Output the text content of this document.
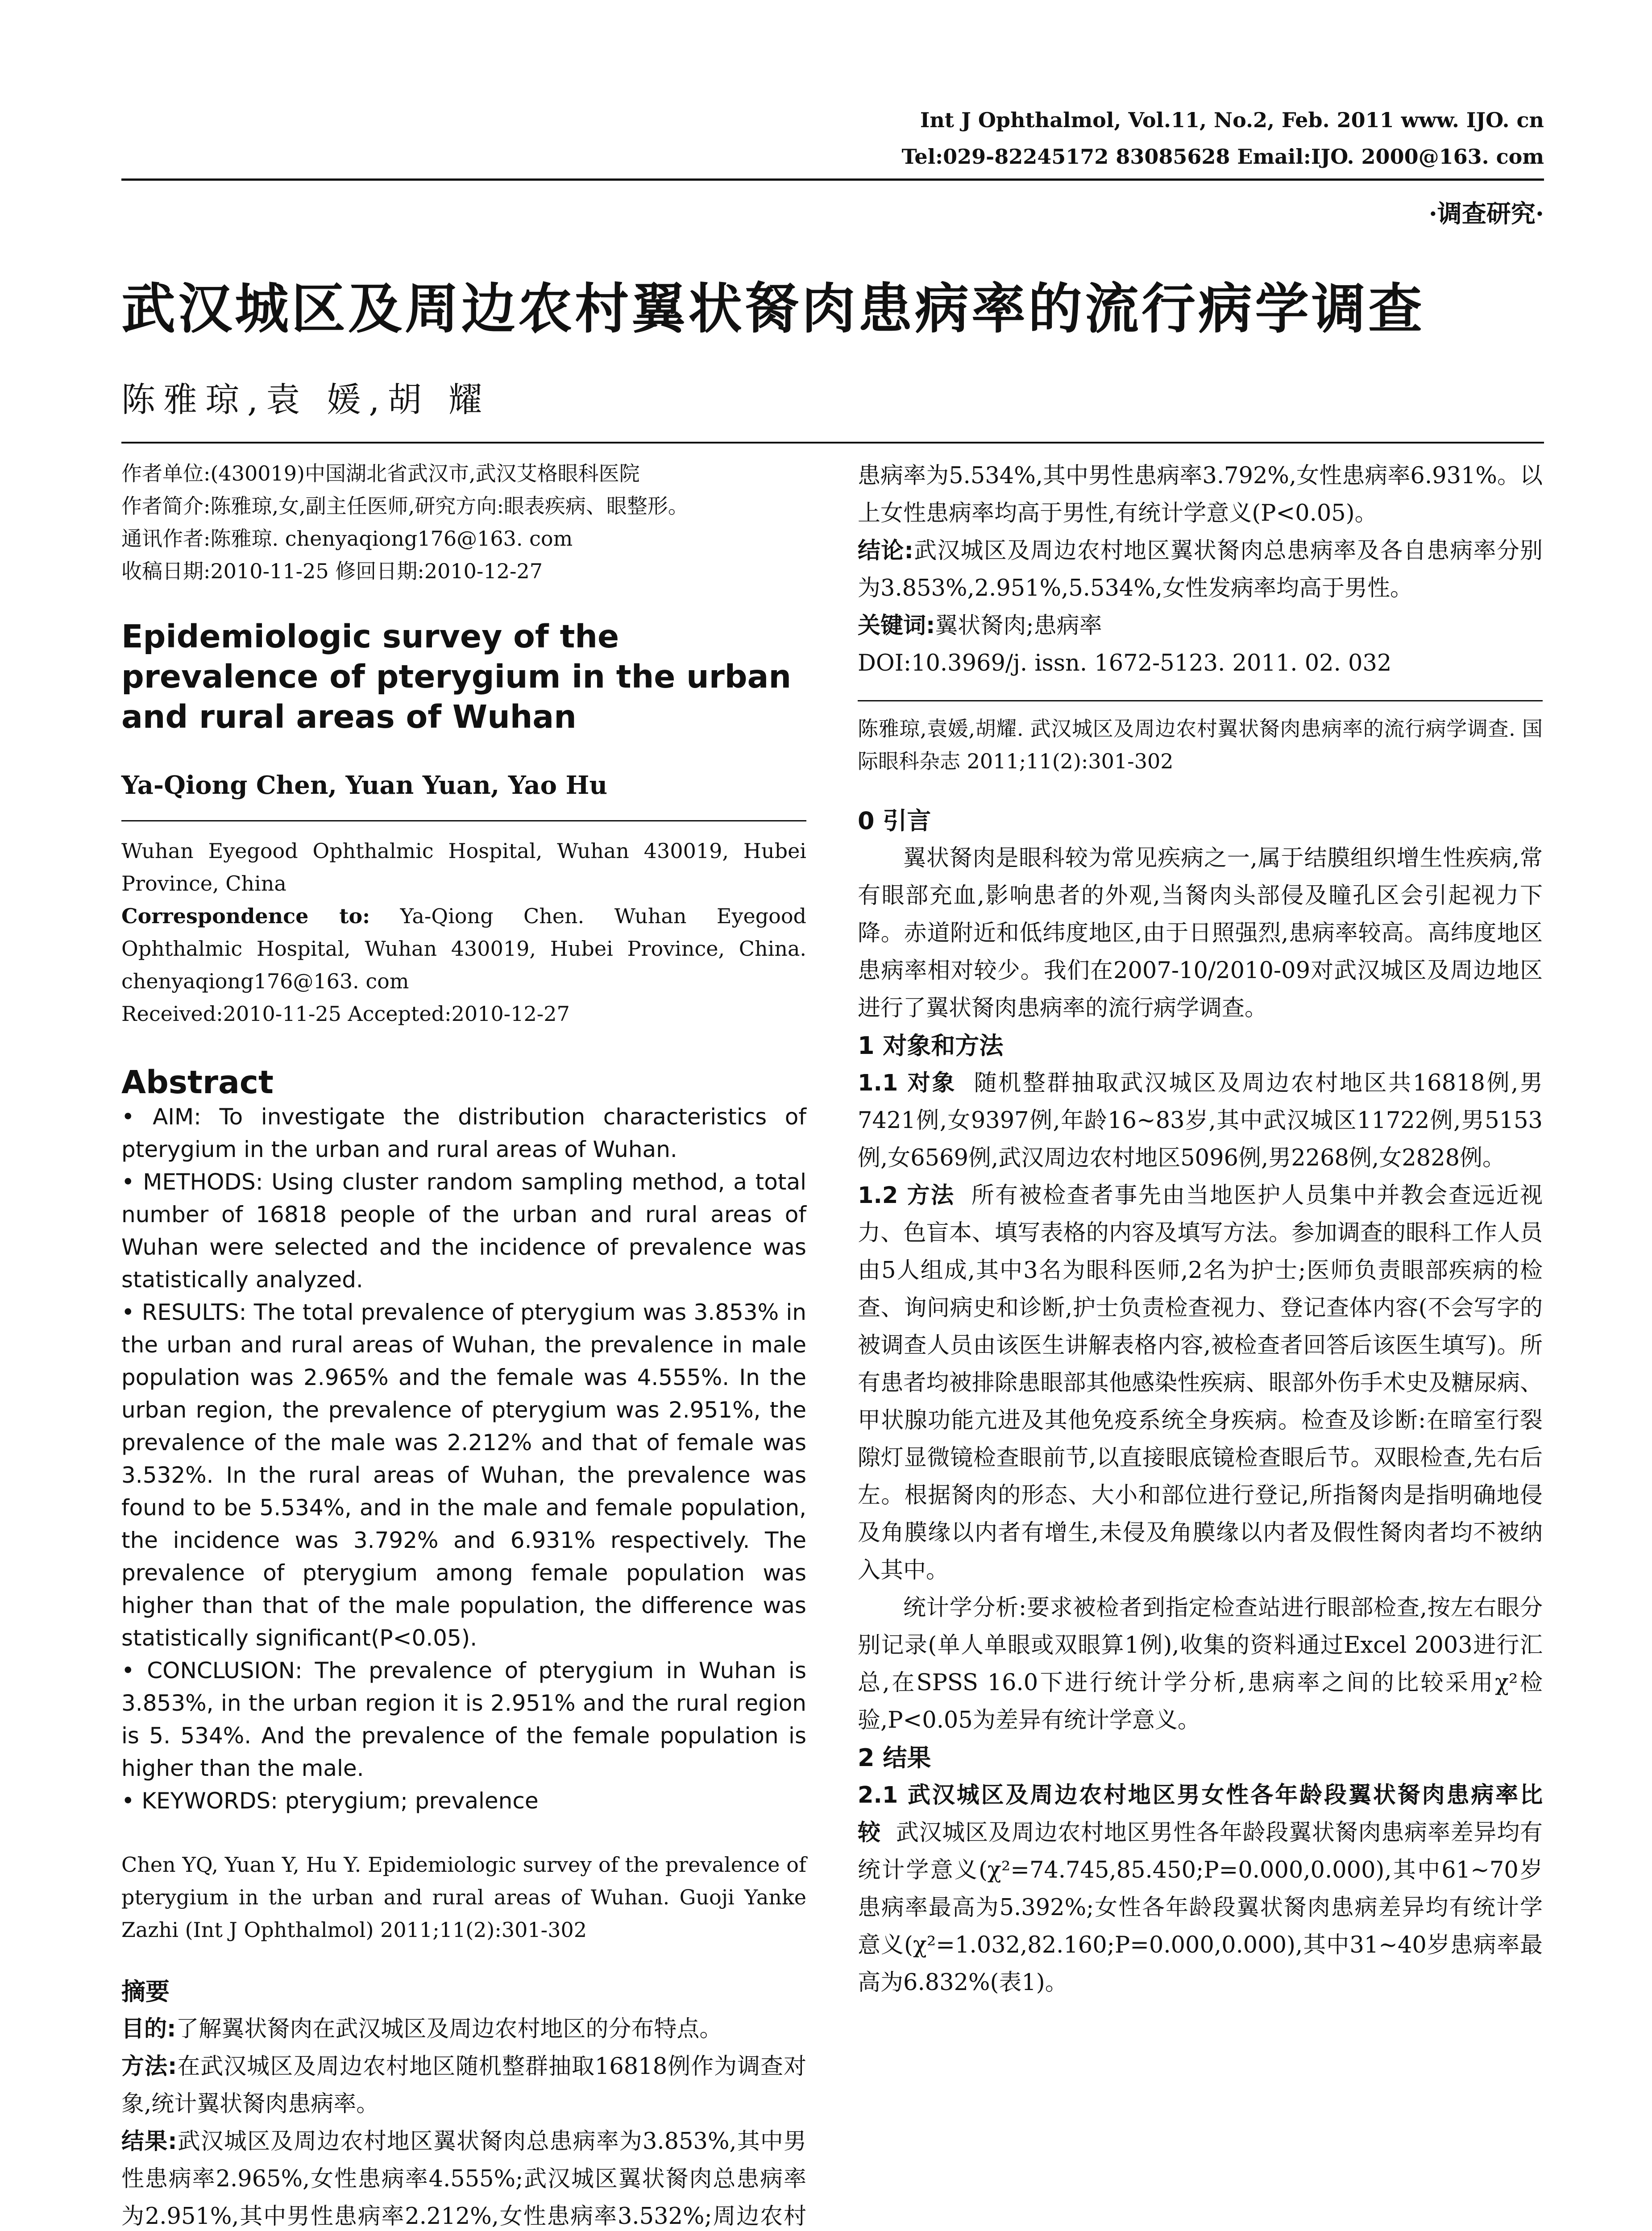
Int J Ophthalmol, Vol.11, No.2, Feb. 2011 www. IJO. cn
Tel:029-82245172 83085628 Email:IJO. 2000@163. com
·调查研究·
武汉城区及周边农村翼状胬肉患病率的流行病学调查
陈雅琼,袁 媛,胡 耀

作者单位:(430019)中国湖北省武汉市,武汉艾格眼科医院

作者简介:陈雅琼,女,副主任医师,研究方向:眼表疾病、眼整形。

通讯作者:陈雅琼. chenyaqiong176@163. com

收稿日期:2010-11-25 修回日期:2010-12-27

Epidemiologic survey of the prevalence of pterygium in the urban and rural areas of Wuhan
Ya-Qiong Chen, Yuan Yuan, Yao Hu

Wuhan Eyegood Ophthalmic Hospital, Wuhan 430019, Hubei Province, China

Correspondence to: Ya-Qiong Chen. Wuhan Eyegood Ophthalmic Hospital, Wuhan 430019, Hubei Province, China. chenyaqiong176@163. com

Received:2010-11-25 Accepted:2010-12-27

Abstract

• AIM: To investigate the distribution characteristics of pterygium in the urban and rural areas of Wuhan.

• METHODS: Using cluster random sampling method, a total number of 16818 people of the urban and rural areas of Wuhan were selected and the incidence of prevalence was statistically analyzed.

• RESULTS: The total prevalence of pterygium was 3.853% in the urban and rural areas of Wuhan, the prevalence in male population was 2.965% and the female was 4.555%. In the urban region, the prevalence of pterygium was 2.951%, the prevalence of the male was 2.212% and that of female was 3.532%. In the rural areas of Wuhan, the prevalence was found to be 5.534%, and in the male and female population, the incidence was 3.792% and 6.931% respectively. The prevalence of pterygium among female population was higher than that of the male population, the difference was statistically significant(P<0.05).

• CONCLUSION: The prevalence of pterygium in Wuhan is 3.853%, in the urban region it is 2.951% and the rural region is 5. 534%. And the prevalence of the female population is higher than the male.

• KEYWORDS: pterygium; prevalence

Chen YQ, Yuan Y, Hu Y. Epidemiologic survey of the prevalence of pterygium in the urban and rural areas of Wuhan. Guoji Yanke Zazhi (Int J Ophthalmol) 2011;11(2):301-302

摘要

目的:了解翼状胬肉在武汉城区及周边农村地区的分布特点。

方法:在武汉城区及周边农村地区随机整群抽取16818例作为调查对象,统计翼状胬肉患病率。

结果:武汉城区及周边农村地区翼状胬肉总患病率为3.853%,其中男性患病率2.965%,女性患病率4.555%;武汉城区翼状胬肉总患病率为2.951%,其中男性患病率2.212%,女性患病率3.532%;周边农村

患病率为5.534%,其中男性患病率3.792%,女性患病率6.931%。以上女性患病率均高于男性,有统计学意义(P<0.05)。

结论:武汉城区及周边农村地区翼状胬肉总患病率及各自患病率分别为3.853%,2.951%,5.534%,女性发病率均高于男性。

关键词:翼状胬肉;患病率

DOI:10.3969/j. issn. 1672-5123. 2011. 02. 032

陈雅琼,袁媛,胡耀. 武汉城区及周边农村翼状胬肉患病率的流行病学调查. 国际眼科杂志 2011;11(2):301-302

0 引言

翼状胬肉是眼科较为常见疾病之一,属于结膜组织增生性疾病,常有眼部充血,影响患者的外观,当胬肉头部侵及瞳孔区会引起视力下降。赤道附近和低纬度地区,由于日照强烈,患病率较高。高纬度地区患病率相对较少。我们在2007-10/2010-09对武汉城区及周边地区进行了翼状胬肉患病率的流行病学调查。

1 对象和方法

1.1 对象 随机整群抽取武汉城区及周边农村地区共16818例,男7421例,女9397例,年龄16~83岁,其中武汉城区11722例,男5153例,女6569例,武汉周边农村地区5096例,男2268例,女2828例。

1.2 方法 所有被检查者事先由当地医护人员集中并教会查远近视力、色盲本、填写表格的内容及填写方法。参加调查的眼科工作人员由5人组成,其中3名为眼科医师,2名为护士;医师负责眼部疾病的检查、询问病史和诊断,护士负责检查视力、登记查体内容(不会写字的被调查人员由该医生讲解表格内容,被检查者回答后该医生填写)。所有患者均被排除患眼部其他感染性疾病、眼部外伤手术史及糖尿病、甲状腺功能亢进及其他免疫系统全身疾病。检查及诊断:在暗室行裂隙灯显微镜检查眼前节,以直接眼底镜检查眼后节。双眼检查,先右后左。根据胬肉的形态、大小和部位进行登记,所指胬肉是指明确地侵及角膜缘以内者有增生,未侵及角膜缘以内者及假性胬肉者均不被纳入其中。

统计学分析:要求被检者到指定检查站进行眼部检查,按左右眼分别记录(单人单眼或双眼算1例),收集的资料通过Excel 2003进行汇总,在SPSS 16.0下进行统计学分析,患病率之间的比较采用χ²检验,P<0.05为差异有统计学意义。

2 结果

2.1 武汉城区及周边农村地区男女性各年龄段翼状胬肉患病率比较 武汉城区及周边农村地区男性各年龄段翼状胬肉患病率差异均有统计学意义(χ²=74.745,85.450;P=0.000,0.000),其中61~70岁患病率最高为5.392%;女性各年龄段翼状胬肉患病差异均有统计学意义(χ²=1.032,82.160;P=0.000,0.000),其中31~40岁患病率最高为6.832%(表1)。
